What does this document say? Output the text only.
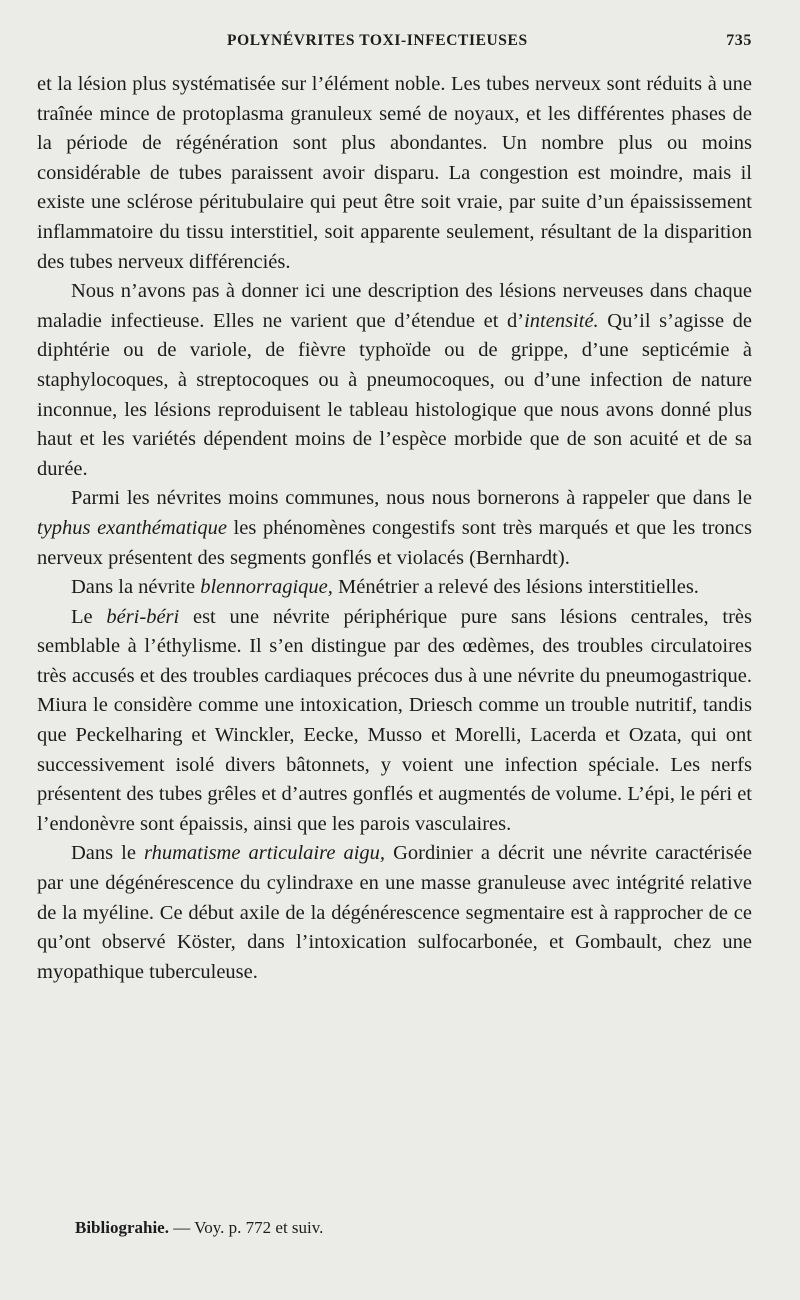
POLYNÉVRITES TOXI-INFECTIEUSES	735

et la lésion plus systématisée sur l’élément noble. Les tubes nerveux sont réduits à une traînée mince de protoplasma granuleux semé de noyaux, et les différentes phases de la période de régénération sont plus abondantes. Un nombre plus ou moins considérable de tubes paraissent avoir disparu. La congestion est moindre, mais il existe une sclérose péritubulaire qui peut être soit vraie, par suite d’un épaississement inflammatoire du tissu interstitiel, soit apparente seulement, résultant de la disparition des tubes nerveux différenciés.

Nous n’avons pas à donner ici une description des lésions nerveuses dans chaque maladie infectieuse. Elles ne varient que d’étendue et d’intensité. Qu’il s’agisse de diphtérie ou de variole, de fièvre typhoïde ou de grippe, d’une septicémie à staphylocoques, à streptocoques ou à pneumocoques, ou d’une infection de nature inconnue, les lésions reproduisent le tableau histologique que nous avons donné plus haut et les variétés dépendent moins de l’espèce morbide que de son acuité et de sa durée.

Parmi les névrites moins communes, nous nous bornerons à rappeler que dans le typhus exanthématique les phénomènes congestifs sont très marqués et que les troncs nerveux présentent des segments gonflés et violacés (Bernhardt).

Dans la névrite blennorragique, Ménétrier a relevé des lésions interstitielles.

Le béri-béri est une névrite périphérique pure sans lésions centrales, très semblable à l’éthylisme. Il s’en distingue par des œdèmes, des troubles circulatoires très accusés et des troubles cardiaques précoces dus à une névrite du pneumogastrique. Miura le considère comme une intoxication, Driesch comme un trouble nutritif, tandis que Peckelharing et Winckler, Eecke, Musso et Morelli, Lacerda et Ozata, qui ont successivement isolé divers bâtonnets, y voient une infection spéciale. Les nerfs présentent des tubes grêles et d’autres gonflés et augmentés de volume. L’épi, le péri et l’endonèvre sont épaissis, ainsi que les parois vasculaires.

Dans le rhumatisme articulaire aigu, Gordinier a décrit une névrite caractérisée par une dégénérescence du cylindraxe en une masse granuleuse avec intégrité relative de la myéline. Ce début axile de la dégénérescence segmentaire est à rapprocher de ce qu’ont observé Köster, dans l’intoxication sulfocarbonée, et Gombault, chez une myopathique tuberculeuse.

Bibliograhie. — Voy. p. 772 et suiv.
